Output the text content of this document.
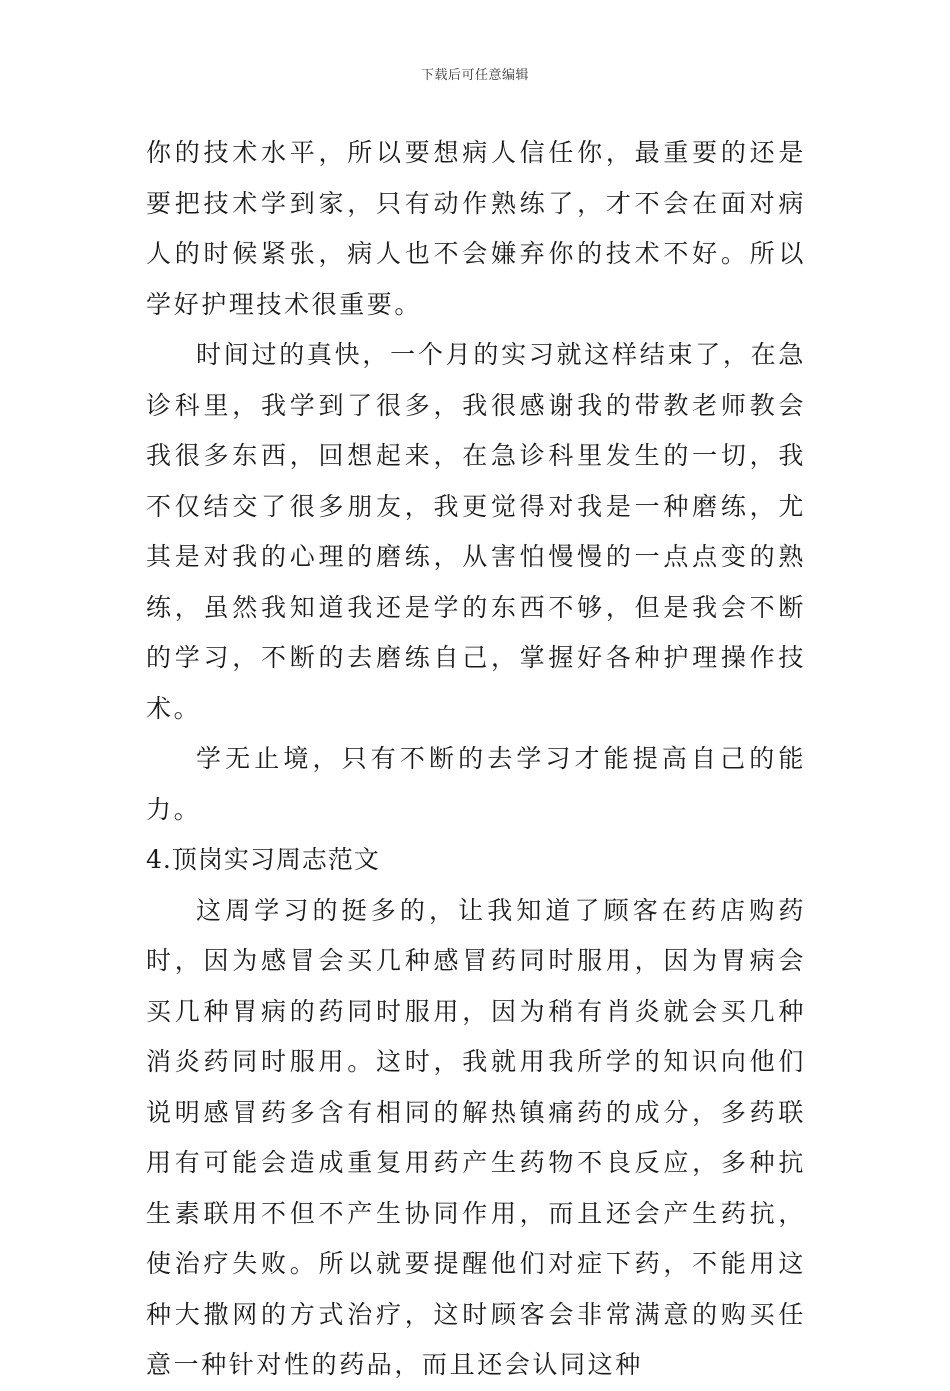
下载后可任意编辑

你的技术水平，所以要想病人信任你，最重要的还是要把技术学到家，只有动作熟练了，才不会在面对病人的时候紧张，病人也不会嫌弃你的技术不好。所以学好护理技术很重要。

时间过的真快，一个月的实习就这样结束了，在急诊科里，我学到了很多，我很感谢我的带教老师教会我很多东西，回想起来，在急诊科里发生的一切，我不仅结交了很多朋友，我更觉得对我是一种磨练，尤其是对我的心理的磨练，从害怕慢慢的一点点变的熟练，虽然我知道我还是学的东西不够，但是我会不断的学习，不断的去磨练自己，掌握好各种护理操作技术。

学无止境，只有不断的去学习才能提高自己的能力。

4.顶岗实习周志范文

这周学习的挺多的，让我知道了顾客在药店购药时，因为感冒会买几种感冒药同时服用，因为胃病会买几种胃病的药同时服用，因为稍有肖炎就会买几种消炎药同时服用。这时，我就用我所学的知识向他们说明感冒药多含有相同的解热镇痛药的成分，多药联用有可能会造成重复用药产生药物不良反应，多种抗生素联用不但不产生协同作用，而且还会产生药抗，使治疗失败。所以就要提醒他们对症下药，不能用这种大撒网的方式治疗，这时顾客会非常满意的购买任意一种针对性的药品，而且还会认同这种
